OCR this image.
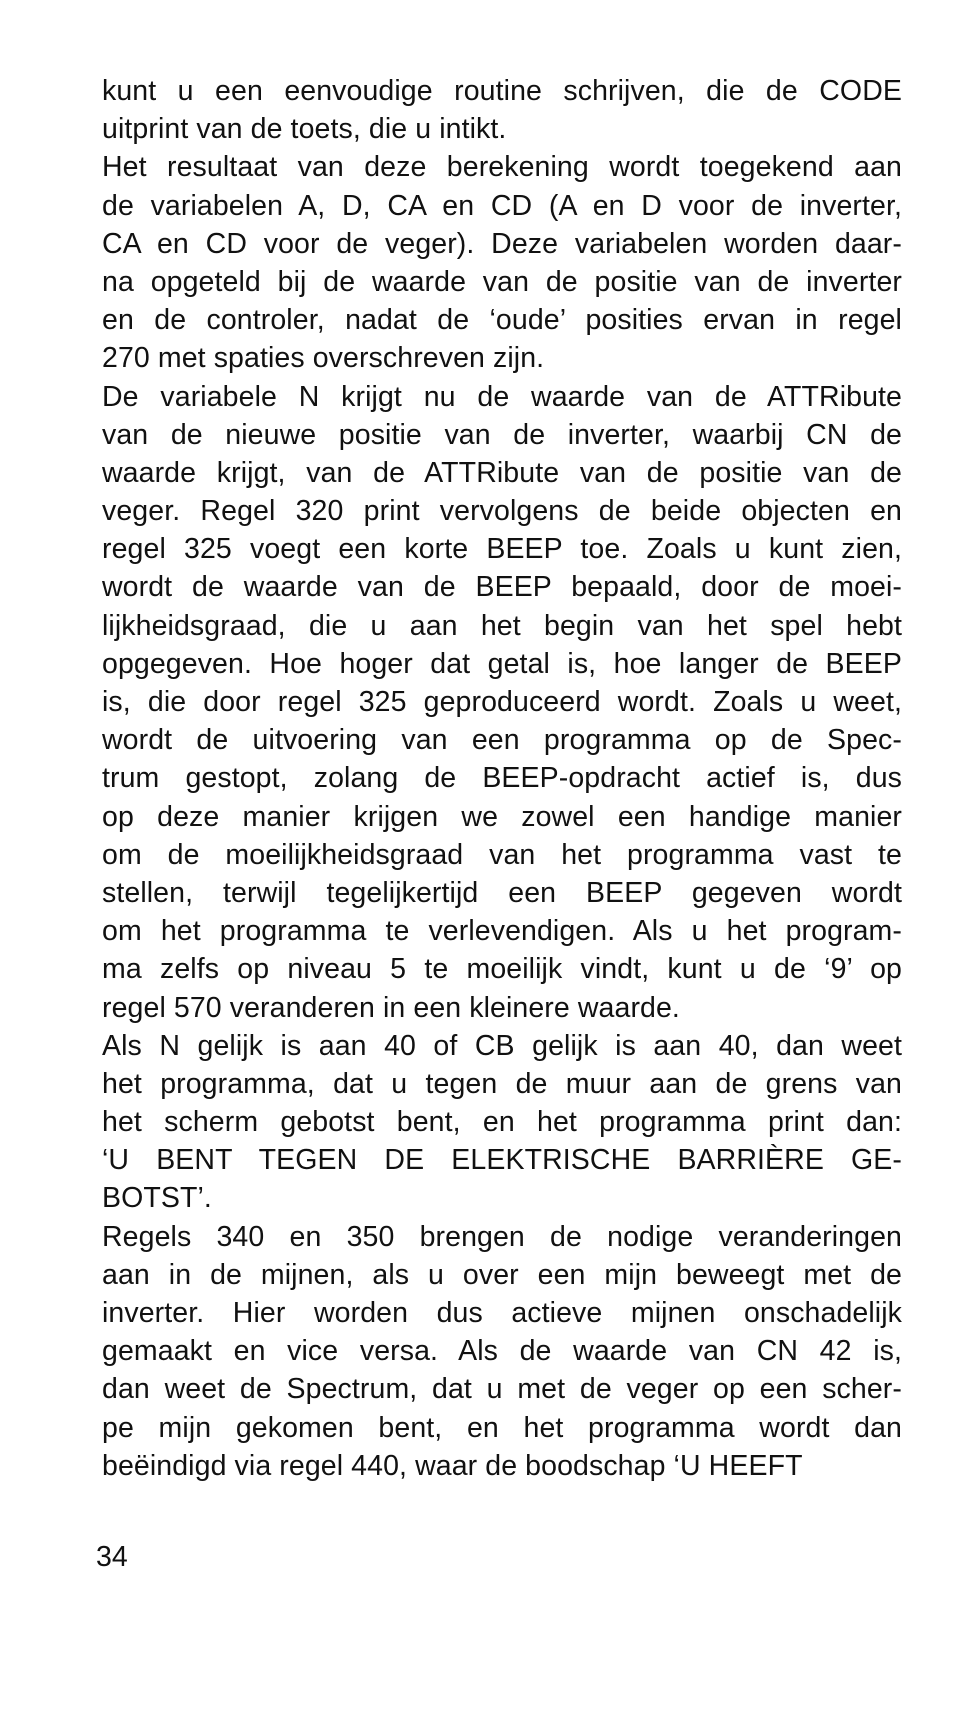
kunt u een eenvoudige routine schrijven, die de CODE
uitprint van de toets, die u intikt.
Het resultaat van deze berekening wordt toegekend aan
de variabelen A, D, CA en CD (A en D voor de inverter,
CA en CD voor de veger). Deze variabelen worden daar-
na opgeteld bij de waarde van de positie van de inverter
en de controler, nadat de ‘oude’ posities ervan in regel
270 met spaties overschreven zijn.
De variabele N krijgt nu de waarde van de ATTRibute
van de nieuwe positie van de inverter, waarbij CN de
waarde krijgt, van de ATTRibute van de positie van de
veger. Regel 320 print vervolgens de beide objecten en
regel 325 voegt een korte BEEP toe. Zoals u kunt zien,
wordt de waarde van de BEEP bepaald, door de moei-
lijkheidsgraad, die u aan het begin van het spel hebt
opgegeven. Hoe hoger dat getal is, hoe langer de BEEP
is, die door regel 325 geproduceerd wordt. Zoals u weet,
wordt de uitvoering van een programma op de Spec-
trum gestopt, zolang de BEEP-opdracht actief is, dus
op deze manier krijgen we zowel een handige manier
om de moeilijkheidsgraad van het programma vast te
stellen, terwijl tegelijkertijd een BEEP gegeven wordt
om het programma te verlevendigen. Als u het program-
ma zelfs op niveau 5 te moeilijk vindt, kunt u de ‘9’ op
regel 570 veranderen in een kleinere waarde.
Als N gelijk is aan 40 of CB gelijk is aan 40, dan weet
het programma, dat u tegen de muur aan de grens van
het scherm gebotst bent, en het programma print dan:
‘U BENT TEGEN DE ELEKTRISCHE BARRIÈRE GE-
BOTST’.
Regels 340 en 350 brengen de nodige veranderingen
aan in de mijnen, als u over een mijn beweegt met de
inverter. Hier worden dus actieve mijnen onschadelijk
gemaakt en vice versa. Als de waarde van CN 42 is,
dan weet de Spectrum, dat u met de veger op een scher-
pe mijn gekomen bent, en het programma wordt dan
beëindigd via regel 440, waar de boodschap ‘U HEEFT
34
